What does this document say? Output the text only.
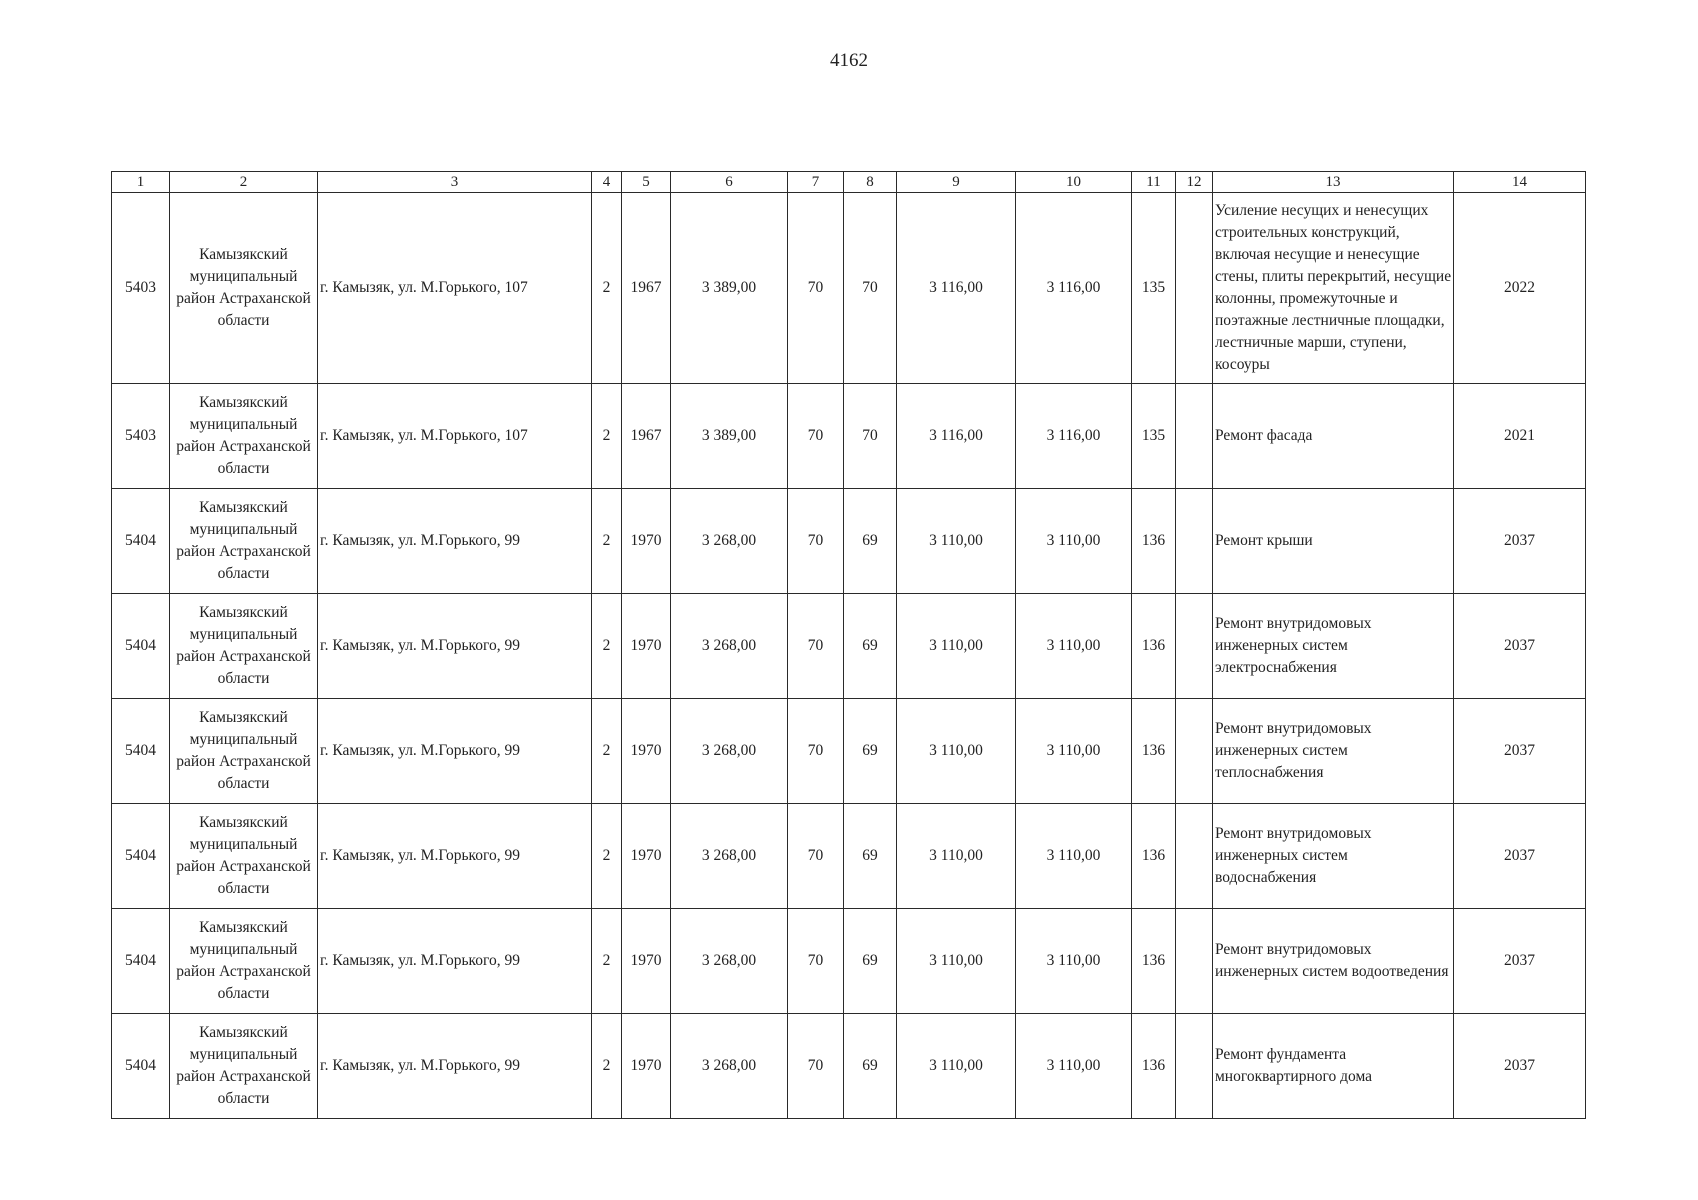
4162
1	2	3	4	5	6	7	8	9	10	11	12	13	14
5403	Камызякский муниципальный район Астраханской области	г. Камызяк, ул. М.Горького, 107	2	1967	3 389,00	70	70	3 116,00	3 116,00	135		Усиление несущих и ненесущих строительных конструкций, включая несущие и ненесущие стены, плиты перекрытий, несущие колонны, промежуточные и поэтажные лестничные площадки, лестничные марши, ступени, косоуры	2022
5403	Камызякский муниципальный район Астраханской области	г. Камызяк, ул. М.Горького, 107	2	1967	3 389,00	70	70	3 116,00	3 116,00	135		Ремонт фасада	2021
5404	Камызякский муниципальный район Астраханской области	г. Камызяк, ул. М.Горького, 99	2	1970	3 268,00	70	69	3 110,00	3 110,00	136		Ремонт крыши	2037
5404	Камызякский муниципальный район Астраханской области	г. Камызяк, ул. М.Горького, 99	2	1970	3 268,00	70	69	3 110,00	3 110,00	136		Ремонт внутридомовых инженерных систем электроснабжения	2037
5404	Камызякский муниципальный район Астраханской области	г. Камызяк, ул. М.Горького, 99	2	1970	3 268,00	70	69	3 110,00	3 110,00	136		Ремонт внутридомовых инженерных систем теплоснабжения	2037
5404	Камызякский муниципальный район Астраханской области	г. Камызяк, ул. М.Горького, 99	2	1970	3 268,00	70	69	3 110,00	3 110,00	136		Ремонт внутридомовых инженерных систем водоснабжения	2037
5404	Камызякский муниципальный район Астраханской области	г. Камызяк, ул. М.Горького, 99	2	1970	3 268,00	70	69	3 110,00	3 110,00	136		Ремонт внутридомовых инженерных систем водоотведения	2037
5404	Камызякский муниципальный район Астраханской области	г. Камызяк, ул. М.Горького, 99	2	1970	3 268,00	70	69	3 110,00	3 110,00	136		Ремонт фундамента многоквартирного дома	2037
